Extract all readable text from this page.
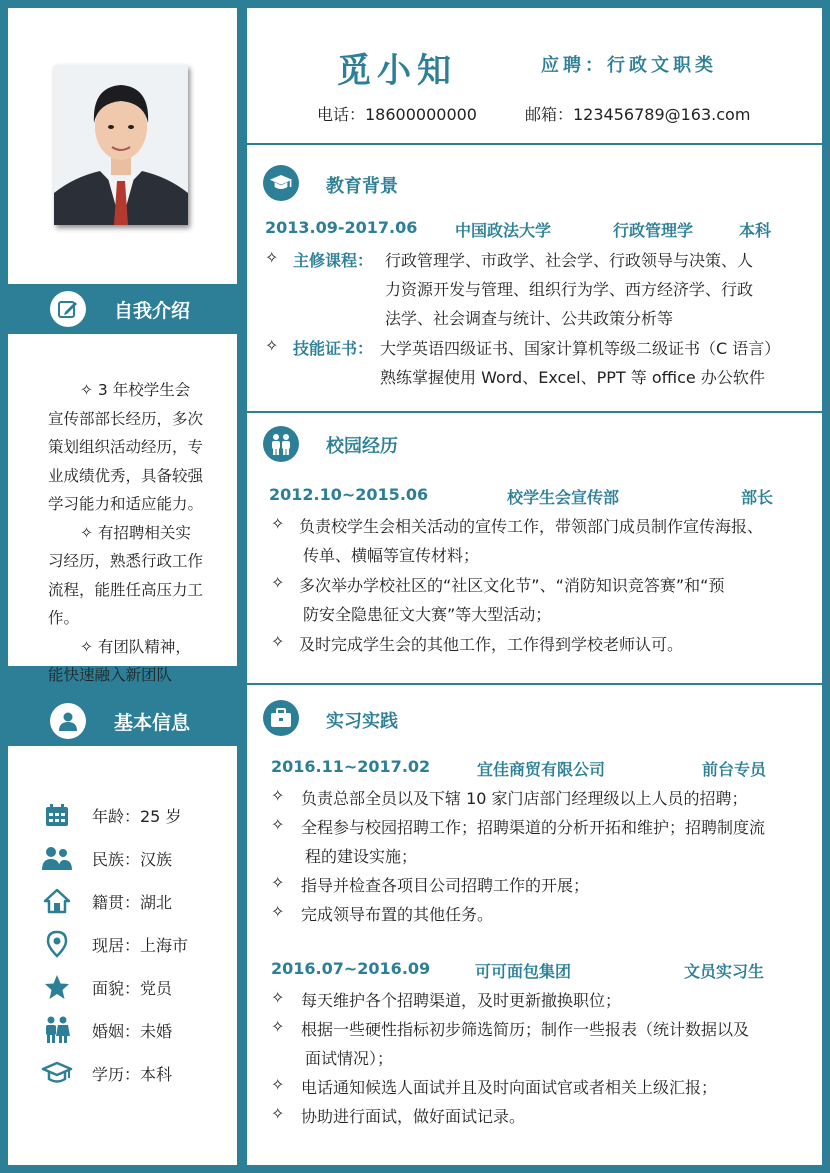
自我介绍

✧ 3 年校学生会

宣传部部长经历，多次
策划组织活动经历，专
业成绩优秀，具备较强
学习能力和适应能力。

✧ 有招聘相关实

习经历，熟悉行政工作
流程，能胜任高压力工
作。

✧ 有团队精神，

能快速融入新团队
基本信息
年龄：25 岁
民族：汉族
籍贯：湖北
现居：上海市
面貌：党员
婚姻：未婚
学历：本科
觅小知	应聘：行政文职类
电话：18600000000	邮箱：123456789@163.com
教育背景
2013.09-2017.06 中国政法大学	行政管理学	本科
✧ 主修课程： 行政管理学、市政学、社会学、行政领导与决策、人
力资源开发与管理、组织行为学、西方经济学、行政
法学、社会调查与统计、公共政策分析等
✧ 技能证书： 大学英语四级证书、国家计算机等级二级证书（C 语言）
熟练掌握使用 Word、Excel、PPT 等 office 办公软件
校园经历
2012.10~2015.06	校学生会宣传部	部长
✧ 负责校学生会相关活动的宣传工作，带领部门成员制作宣传海报、
传单、横幅等宣传材料；
✧ 多次举办学校社区的“社区文化节”、“消防知识竞答赛”和“预
防安全隐患征文大赛”等大型活动；
✧ 及时完成学生会的其他工作，工作得到学校老师认可。
实习实践
2016.11~2017.02	宜佳商贸有限公司	前台专员
✧ 负责总部全员以及下辖 10 家门店部门经理级以上人员的招聘；
✧ 全程参与校园招聘工作；招聘渠道的分析开拓和维护；招聘制度流
程的建设实施；
✧ 指导并检查各项目公司招聘工作的开展；
✧ 完成领导布置的其他任务。
2016.07~2016.09	可可面包集团	文员实习生
✧ 每天维护各个招聘渠道，及时更新撤换职位；
✧ 根据一些硬性指标初步筛选简历；制作一些报表（统计数据以及
面试情况）；
✧ 电话通知候选人面试并且及时向面试官或者相关上级汇报；
✧ 协助进行面试，做好面试记录。
